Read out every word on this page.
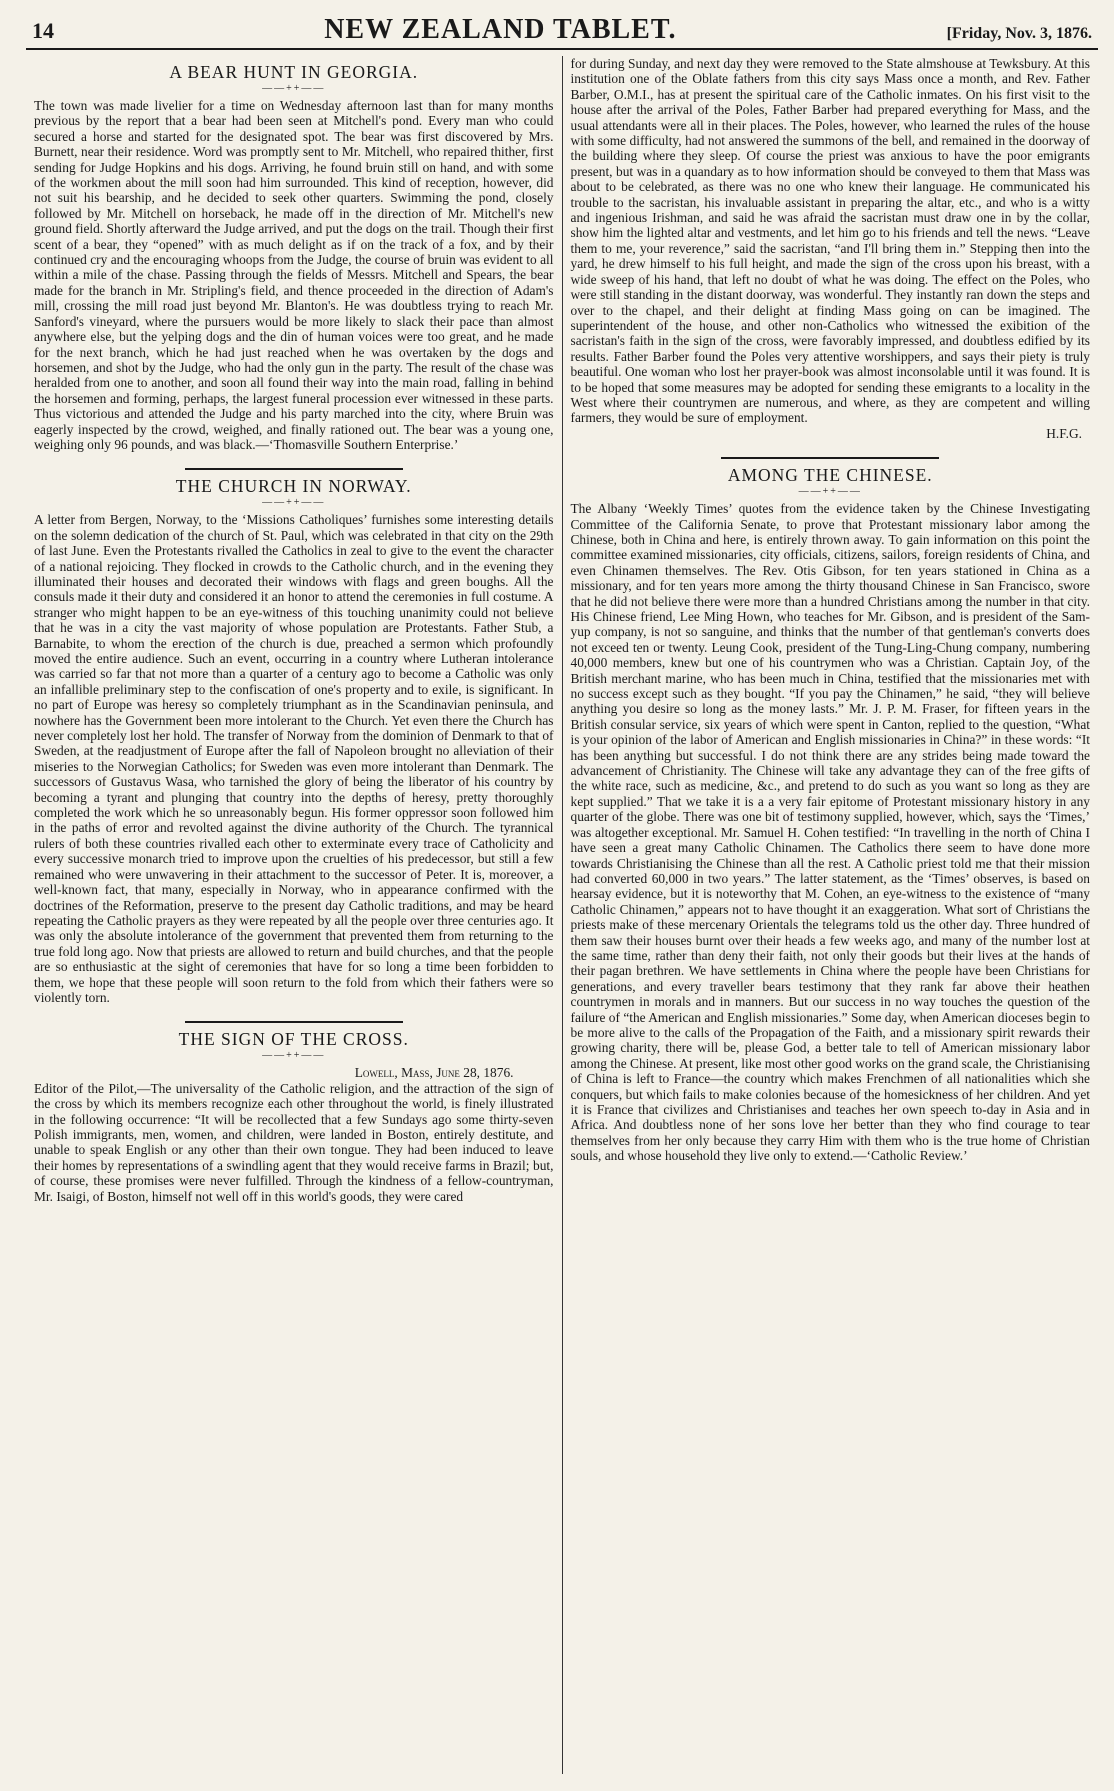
14	NEW ZEALAND TABLET.	[Friday, Nov. 3, 1876.
A BEAR HUNT IN GEORGIA.
——++——

The town was made livelier for a time on Wednesday afternoon last than for many months previous by the report that a bear had been seen at Mitchell's pond. Every man who could secured a horse and started for the designated spot. The bear was first discovered by Mrs. Burnett, near their residence. Word was promptly sent to Mr. Mitchell, who repaired thither, first sending for Judge Hopkins and his dogs. Arriving, he found bruin still on hand, and with some of the workmen about the mill soon had him surrounded. This kind of reception, however, did not suit his bearship, and he decided to seek other quarters. Swimming the pond, closely followed by Mr. Mitchell on horseback, he made off in the direction of Mr. Mitchell's new ground field. Shortly afterward the Judge arrived, and put the dogs on the trail. Though their first scent of a bear, they “opened” with as much delight as if on the track of a fox, and by their continued cry and the encouraging whoops from the Judge, the course of bruin was evident to all within a mile of the chase. Passing through the fields of Messrs. Mitchell and Spears, the bear made for the branch in Mr. Stripling's field, and thence proceeded in the direction of Adam's mill, crossing the mill road just beyond Mr. Blanton's. He was doubtless trying to reach Mr. Sanford's vineyard, where the pursuers would be more likely to slack their pace than almost anywhere else, but the yelping dogs and the din of human voices were too great, and he made for the next branch, which he had just reached when he was overtaken by the dogs and horsemen, and shot by the Judge, who had the only gun in the party. The result of the chase was heralded from one to another, and soon all found their way into the main road, falling in behind the horsemen and forming, perhaps, the largest funeral procession ever witnessed in these parts. Thus victorious and attended the Judge and his party marched into the city, where Bruin was eagerly inspected by the crowd, weighed, and finally rationed out. The bear was a young one, weighing only 96 pounds, and was black.—‘Thomasville Southern Enterprise.’

THE CHURCH IN NORWAY.
——++——

A letter from Bergen, Norway, to the ‘Missions Catholiques’ furnishes some interesting details on the solemn dedication of the church of St. Paul, which was celebrated in that city on the 29th of last June. Even the Protestants rivalled the Catholics in zeal to give to the event the character of a national rejoicing. They flocked in crowds to the Catholic church, and in the evening they illuminated their houses and decorated their windows with flags and green boughs. All the consuls made it their duty and considered it an honor to attend the ceremonies in full costume. A stranger who might happen to be an eye-witness of this touching unanimity could not believe that he was in a city the vast majority of whose population are Protestants. Father Stub, a Barnabite, to whom the erection of the church is due, preached a sermon which profoundly moved the entire audience. Such an event, occurring in a country where Lutheran intolerance was carried so far that not more than a quarter of a century ago to become a Catholic was only an infallible preliminary step to the confiscation of one's property and to exile, is significant. In no part of Europe was heresy so completely triumphant as in the Scandinavian peninsula, and nowhere has the Government been more intolerant to the Church. Yet even there the Church has never completely lost her hold. The transfer of Norway from the dominion of Denmark to that of Sweden, at the readjustment of Europe after the fall of Napoleon brought no alleviation of their miseries to the Norwegian Catholics; for Sweden was even more intolerant than Denmark. The successors of Gustavus Wasa, who tarnished the glory of being the liberator of his country by becoming a tyrant and plunging that country into the depths of heresy, pretty thoroughly completed the work which he so unreasonably begun. His former oppressor soon followed him in the paths of error and revolted against the divine authority of the Church. The tyrannical rulers of both these countries rivalled each other to exterminate every trace of Catholicity and every successive monarch tried to improve upon the cruelties of his predecessor, but still a few remained who were unwavering in their attachment to the successor of Peter. It is, moreover, a well-known fact, that many, especially in Norway, who in appearance confirmed with the doctrines of the Reformation, preserve to the present day Catholic traditions, and may be heard repeating the Catholic prayers as they were repeated by all the people over three centuries ago. It was only the absolute intolerance of the government that prevented them from returning to the true fold long ago. Now that priests are allowed to return and build churches, and that the people are so enthusiastic at the sight of ceremonies that have for so long a time been forbidden to them, we hope that these people will soon return to the fold from which their fathers were so violently torn.

THE SIGN OF THE CROSS.
——++——
Lowell, Mass, June 28, 1876.

Editor of the Pilot,—The universality of the Catholic religion, and the attraction of the sign of the cross by which its members recognize each other throughout the world, is finely illustrated in the following occurrence: “It will be recollected that a few Sundays ago some thirty-seven Polish immigrants, men, women, and children, were landed in Boston, entirely destitute, and unable to speak English or any other than their own tongue. They had been induced to leave their homes by representations of a swindling agent that they would receive farms in Brazil; but, of course, these promises were never fulfilled. Through the kindness of a fellow-countryman, Mr. Isaigi, of Boston, himself not well off in this world's goods, they were cared

for during Sunday, and next day they were removed to the State almshouse at Tewksbury. At this institution one of the Oblate fathers from this city says Mass once a month, and Rev. Father Barber, O.M.I., has at present the spiritual care of the Catholic inmates. On his first visit to the house after the arrival of the Poles, Father Barber had prepared everything for Mass, and the usual attendants were all in their places. The Poles, however, who learned the rules of the house with some difficulty, had not answered the summons of the bell, and remained in the doorway of the building where they sleep. Of course the priest was anxious to have the poor emigrants present, but was in a quandary as to how information should be conveyed to them that Mass was about to be celebrated, as there was no one who knew their language. He communicated his trouble to the sacristan, his invaluable assistant in preparing the altar, etc., and who is a witty and ingenious Irishman, and said he was afraid the sacristan must draw one in by the collar, show him the lighted altar and vestments, and let him go to his friends and tell the news. “Leave them to me, your reverence,” said the sacristan, “and I'll bring them in.” Stepping then into the yard, he drew himself to his full height, and made the sign of the cross upon his breast, with a wide sweep of his hand, that left no doubt of what he was doing. The effect on the Poles, who were still standing in the distant doorway, was wonderful. They instantly ran down the steps and over to the chapel, and their delight at finding Mass going on can be imagined. The superintendent of the house, and other non-Catholics who witnessed the exibition of the sacristan's faith in the sign of the cross, were favorably impressed, and doubtless edified by its results. Father Barber found the Poles very attentive worshippers, and says their piety is truly beautiful. One woman who lost her prayer-book was almost inconsolable until it was found. It is to be hoped that some measures may be adopted for sending these emigrants to a locality in the West where their countrymen are numerous, and where, as they are competent and willing farmers, they would be sure of employment.

H.F.G.
AMONG THE CHINESE.
——++——

The Albany ‘Weekly Times’ quotes from the evidence taken by the Chinese Investigating Committee of the California Senate, to prove that Protestant missionary labor among the Chinese, both in China and here, is entirely thrown away. To gain information on this point the committee examined missionaries, city officials, citizens, sailors, foreign residents of China, and even Chinamen themselves. The Rev. Otis Gibson, for ten years stationed in China as a missionary, and for ten years more among the thirty thousand Chinese in San Francisco, swore that he did not believe there were more than a hundred Christians among the number in that city. His Chinese friend, Lee Ming Hown, who teaches for Mr. Gibson, and is president of the Sam-yup company, is not so sanguine, and thinks that the number of that gentleman's converts does not exceed ten or twenty. Leung Cook, president of the Tung-Ling-Chung company, numbering 40,000 members, knew but one of his countrymen who was a Christian. Captain Joy, of the British merchant marine, who has been much in China, testified that the missionaries met with no success except such as they bought. “If you pay the Chinamen,” he said, “they will believe anything you desire so long as the money lasts.” Mr. J. P. M. Fraser, for fifteen years in the British consular service, six years of which were spent in Canton, replied to the question, “What is your opinion of the labor of American and English missionaries in China?” in these words: “It has been anything but successful. I do not think there are any strides being made toward the advancement of Christianity. The Chinese will take any advantage they can of the free gifts of the white race, such as medicine, &c., and pretend to do such as you want so long as they are kept supplied.” That we take it is a a very fair epitome of Protestant missionary history in any quarter of the globe. There was one bit of testimony supplied, however, which, says the ‘Times,’ was altogether exceptional. Mr. Samuel H. Cohen testified: “In travelling in the north of China I have seen a great many Catholic Chinamen. The Catholics there seem to have done more towards Christianising the Chinese than all the rest. A Catholic priest told me that their mission had converted 60,000 in two years.” The latter statement, as the ‘Times’ observes, is based on hearsay evidence, but it is noteworthy that M. Cohen, an eye-witness to the existence of “many Catholic Chinamen,” appears not to have thought it an exaggeration. What sort of Christians the priests make of these mercenary Orientals the telegrams told us the other day. Three hundred of them saw their houses burnt over their heads a few weeks ago, and many of the number lost at the same time, rather than deny their faith, not only their goods but their lives at the hands of their pagan brethren. We have settlements in China where the people have been Christians for generations, and every traveller bears testimony that they rank far above their heathen countrymen in morals and in manners. But our success in no way touches the question of the failure of “the American and English missionaries.” Some day, when American dioceses begin to be more alive to the calls of the Propagation of the Faith, and a missionary spirit rewards their growing charity, there will be, please God, a better tale to tell of American missionary labor among the Chinese. At present, like most other good works on the grand scale, the Christianising of China is left to France—the country which makes Frenchmen of all nationalities which she conquers, but which fails to make colonies because of the homesickness of her children. And yet it is France that civilizes and Christianises and teaches her own speech to-day in Asia and in Africa. And doubtless none of her sons love her better than they who find courage to tear themselves from her only because they carry Him with them who is the true home of Christian souls, and whose household they live only to extend.—‘Catholic Review.’
